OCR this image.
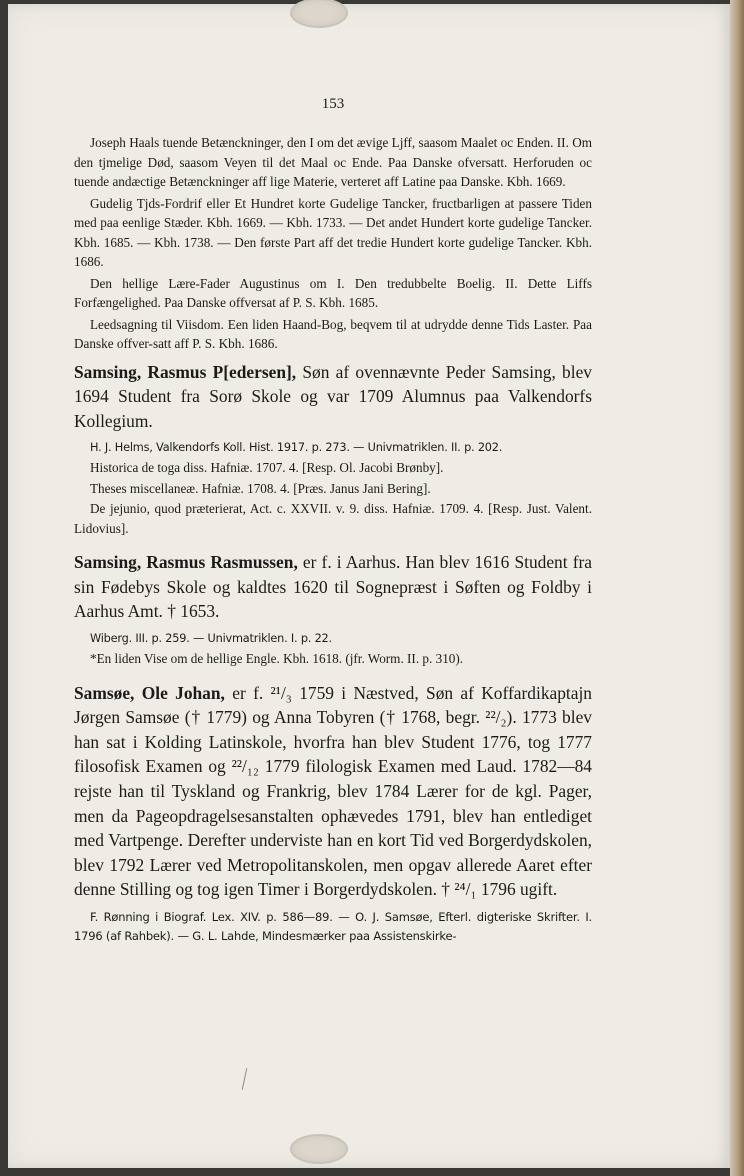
153

Joseph Haals tuende Betænckninger, den I om det ævige Ljff, saasom Maalet oc Enden. II. Om den tjmelige Død, saasom Veyen til det Maal oc Ende. Paa Danske ofversatt. Herforuden oc tuende andæctige Betænckninger aff lige Materie, verteret aff Latine paa Danske. Kbh. 1669.

Gudelig Tjds-Fordrif eller Et Hundret korte Gudelige Tancker, fructbarligen at passere Tiden med paa eenlige Stæder. Kbh. 1669. — Kbh. 1733. — Det andet Hundert korte gudelige Tancker. Kbh. 1685. — Kbh. 1738. — Den første Part aff det tredie Hundert korte gudelige Tancker. Kbh. 1686.

Den hellige Lære-Fader Augustinus om I. Den tredubbelte Boelig. II. Dette Liffs Forfængelighed. Paa Danske offversat af P. S. Kbh. 1685.

Leedsagning til Viisdom. Een liden Haand-Bog, beqvem til at udrydde denne Tids Laster. Paa Danske offver-satt aff P. S. Kbh. 1686.

Samsing, Rasmus P[edersen], Søn af ovennævnte Peder Samsing, blev 1694 Student fra Sorø Skole og var 1709 Alumnus paa Valkendorfs Kollegium.

H. J. Helms, Valkendorfs Koll. Hist. 1917. p. 273. — Univmatriklen. II. p. 202.

Historica de toga diss. Hafniæ. 1707. 4. [Resp. Ol. Jacobi Brønby].

Theses miscellaneæ. Hafniæ. 1708. 4. [Præs. Janus Jani Bering].

De jejunio, quod præterierat, Act. c. XXVII. v. 9. diss. Hafniæ. 1709. 4. [Resp. Just. Valent. Lidovius].

Samsing, Rasmus Rasmussen, er f. i Aarhus. Han blev 1616 Student fra sin Fødebys Skole og kaldtes 1620 til Sognepræst i Søften og Foldby i Aarhus Amt. † 1653.

Wiberg. III. p. 259. — Univmatriklen. I. p. 22.

*En liden Vise om de hellige Engle. Kbh. 1618. (jfr. Worm. II. p. 310).

Samsøe, Ole Johan, er f. ²¹/₃ 1759 i Næstved, Søn af Koffardikaptajn Jørgen Samsøe († 1779) og Anna Tobyren († 1768, begr. ²²/₂). 1773 blev han sat i Kolding Latinskole, hvorfra han blev Student 1776, tog 1777 filosofisk Examen og ²²/₁₂ 1779 filologisk Examen med Laud. 1782—84 rejste han til Tyskland og Frankrig, blev 1784 Lærer for de kgl. Pager, men da Pageopdragelsesanstalten ophævedes 1791, blev han entlediget med Vartpenge. Derefter underviste han en kort Tid ved Borgerdydskolen, blev 1792 Lærer ved Metropolitanskolen, men opgav allerede Aaret efter denne Stilling og tog igen Timer i Borgerdydskolen. † ²⁴/₁ 1796 ugift.

F. Rønning i Biograf. Lex. XIV. p. 586—89. — O. J. Samsøe, Efterl. digteriske Skrifter. I. 1796 (af Rahbek). — G. L. Lahde, Mindesmærker paa Assistenskirke-
